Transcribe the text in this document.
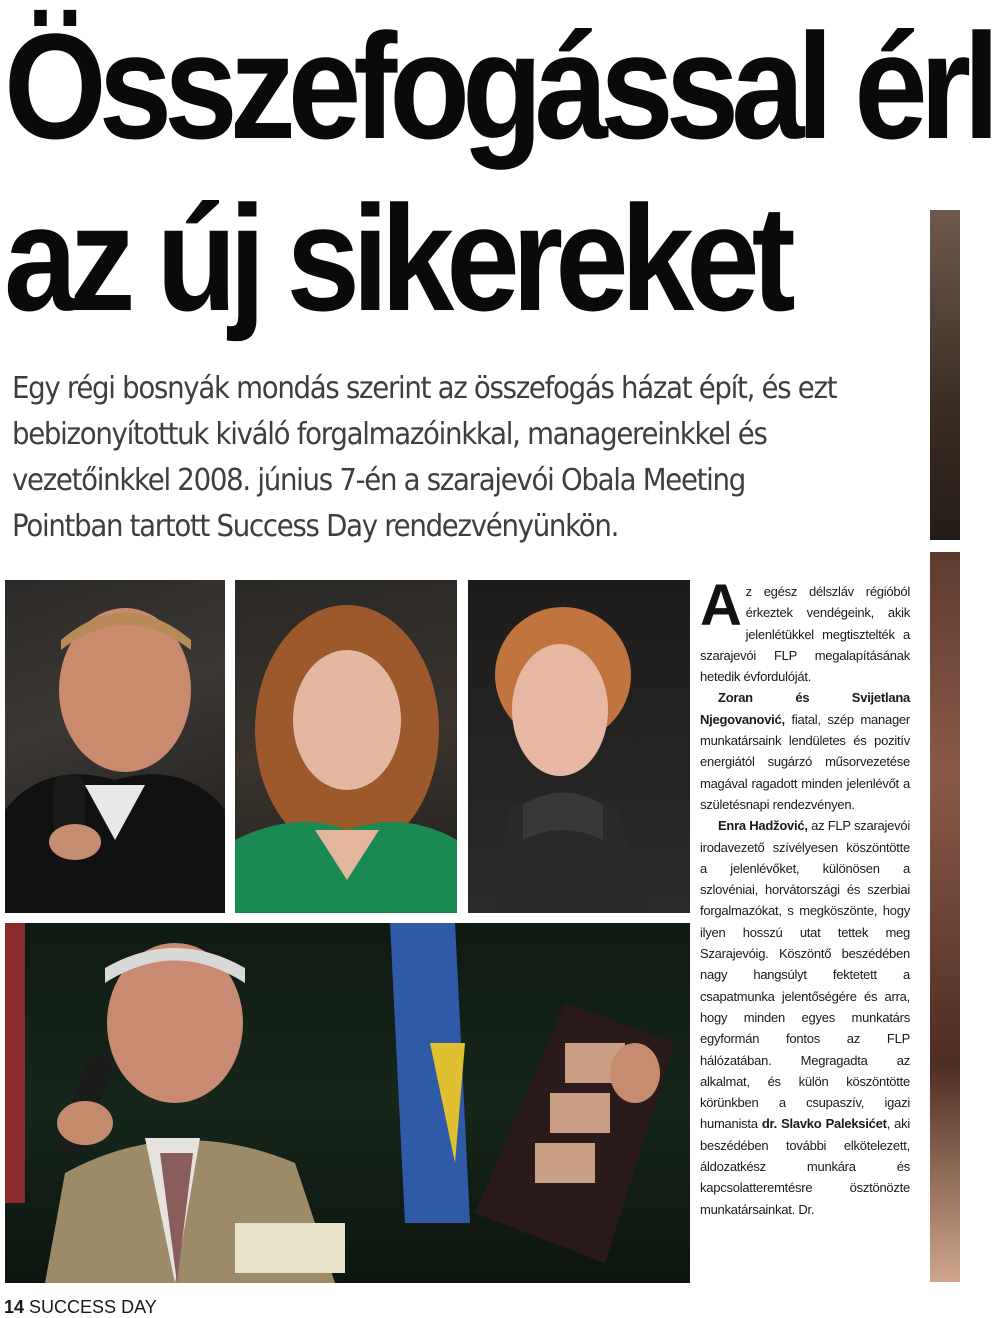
Összefogással érl
az új sikereket

Egy régi bosnyák mondás szerint az összefogás házat épít, és ezt bebizonyítottuk kiváló forgalmazóinkkal, managereinkkel és vezetőinkkel 2008. június 7-én a szarajevói Obala Meeting Pointban tartott Success Day rendezvényünkön.

Az egész délszláv régióból érkeztek vendégeink, akik jelenlétükkel megtisztelték a szarajevói FLP megalapításának hetedik évfordulóját.

Zoran és Svijetlana Njegovanović, fiatal, szép manager munkatársaink lendületes és pozitív energiától sugárzó műsorvezetése magával ragadott minden jelenlévőt a születésnapi rendezvényen.

Enra Hadžović, az FLP szarajevói irodavezető szívélyesen köszöntötte a jelenlévőket, különösen a szlovéniai, horvátországi és szerbiai forgalmazókat, s megköszönte, hogy ilyen hosszú utat tettek meg Szarajevóig. Köszöntő beszédében nagy hangsúlyt fektetett a csapatmunka jelentőségére és arra, hogy minden egyes munkatárs egyformán fontos az FLP hálózatában. Megragadta az alkalmat, és külön köszöntötte körünkben a csupaszív, igazi humanista dr. Slavko Paleksićet, aki beszédében további elkötelezett, áldozatkész munkára és kapcsolatteremtésre ösztönözte munkatársainkat. Dr.

14 SUCCESS DAY
